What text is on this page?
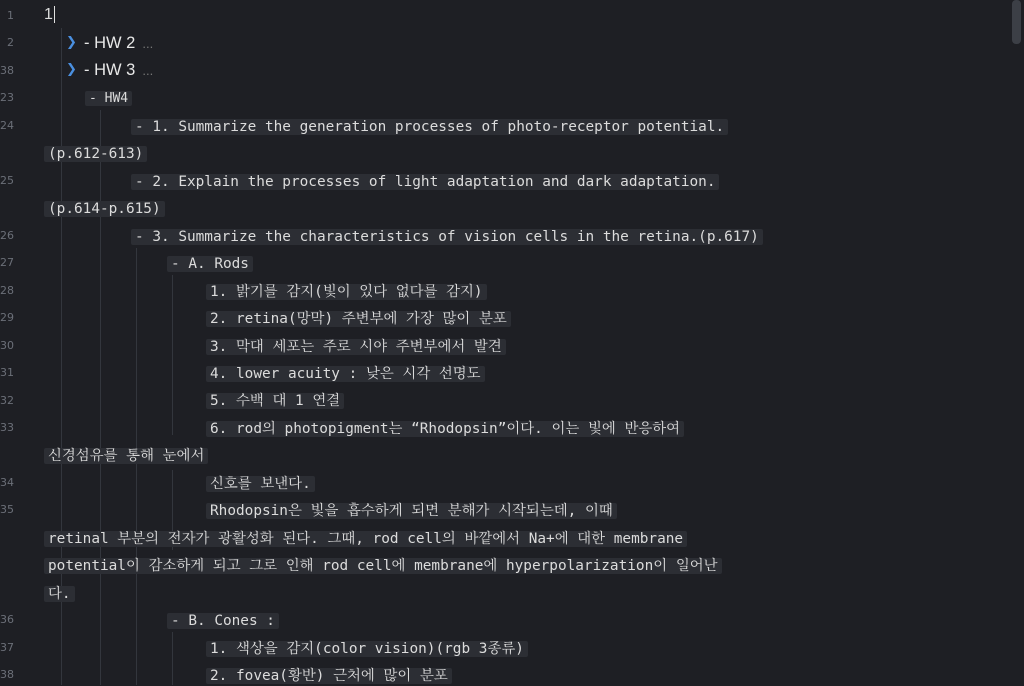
1
2
38
23
24
25
26
27
28
29
30
31
32
33
34
35
36
37
38
1
❯ - HW 2 ...
❯ - HW 3 ...
- HW4
- 1. Summarize the generation processes of photo-receptor potential.
(p.612-613)
- 2. Explain the processes of light adaptation and dark adaptation.
(p.614-p.615)
- 3. Summarize the characteristics of vision cells in the retina.(p.617)
- A. Rods
1. 밝기를 감지(빛이 있다 없다를 감지)
2. retina(망막) 주변부에 가장 많이 분포
3. 막대 세포는 주로 시야 주변부에서 발견
4. lower acuity : 낮은 시각 선명도
5. 수백 대 1 연결
6. rod의 photopigment는 “Rhodopsin”이다. 이는 빛에 반응하여
신경섬유를 통해 눈에서
신호를 보낸다.
Rhodopsin은 빛을 흡수하게 되면 분해가 시작되는데, 이때
retinal 부분의 전자가 광활성화 된다. 그때, rod cell의 바깥에서 Na+에 대한 membrane
potential이 감소하게 되고 그로 인해 rod cell에 membrane에 hyperpolarization이 일어난
다.
- B. Cones :
1. 색상을 감지(color vision)(rgb 3종류)
2. fovea(황반) 근처에 많이 분포
